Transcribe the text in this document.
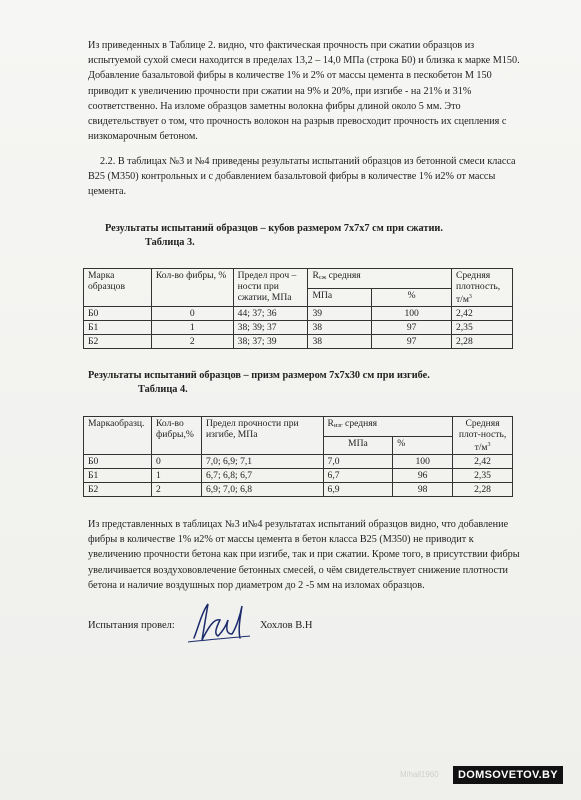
Из приведенных в Таблице 2. видно, что фактическая прочность при сжатии образцов из испытуемой сухой смеси находится в пределах 13,2 – 14,0 МПа (строка Б0) и близка к марке М150. Добавление базальтовой фибры в количестве 1% и 2% от массы цемента в пескобетон М 150 приводит к увеличению прочности при сжатии на 9% и 20%, при изгибе - на 21% и 31% соответственно. На изломе образцов заметны волокна фибры длиной около 5 мм. Это свидетельствует о том, что прочность волокон на разрыв превосходит прочность их сцепления с низкомарочным бетоном.

2.2. В таблицах №3 и №4 приведены результаты испытаний образцов из бетонной смеси класса В25 (М350) контрольных и с добавлением базальтовой фибры в количестве 1% и2% от массы цемента.

Результаты испытаний образцов – кубов размером 7х7х7 см при сжатии.

Таблица 3.

Марка образцов	Кол-во фибры, %	Предел проч – ности при сжатии, МПа	Rсж средняя		Средняя плотность, $т/м^3$
			МПа	%	
Б0	0	44; 37; 36	39	100	2,42
Б1	1	38; 39; 37	38	97	2,35
Б2	2	38; 37; 39	38	97	2,28

Результаты испытаний образцов – призм размером 7х7х30 см при изгибе.

Таблица 4.

Маркаобразц.	Кол-во фибры,%	Предел прочности при изгибе, МПа	Rизг средняя		Средняя плот-ность, $т/м^3$
			МПа	%	
Б0	0	7,0; 6,9; 7,1	7,0	100	2,42
Б1	1	6,7; 6,8; 6,7	6,7	96	2,35
Б2	2	6,9; 7,0; 6,8	6,9	98	2,28

Из представленных в таблицах №3 и№4 результатах испытаний образцов видно, что добавление фибры в количестве 1% и2% от массы цемента в бетон класса В25 (М350) не приводит к увеличению прочности бетона как при изгибе, так и при сжатии. Кроме того, в присутствии фибры увеличивается воздухововлечение бетонных смесей, о чём свидетельствует снижение плотности бетона и наличие воздушных пор диаметром до 2 -5 мм на изломах образцов.

Испытания провел:	Хохлов В.Н
Mihail1960	DOMSOVETOV.BY
